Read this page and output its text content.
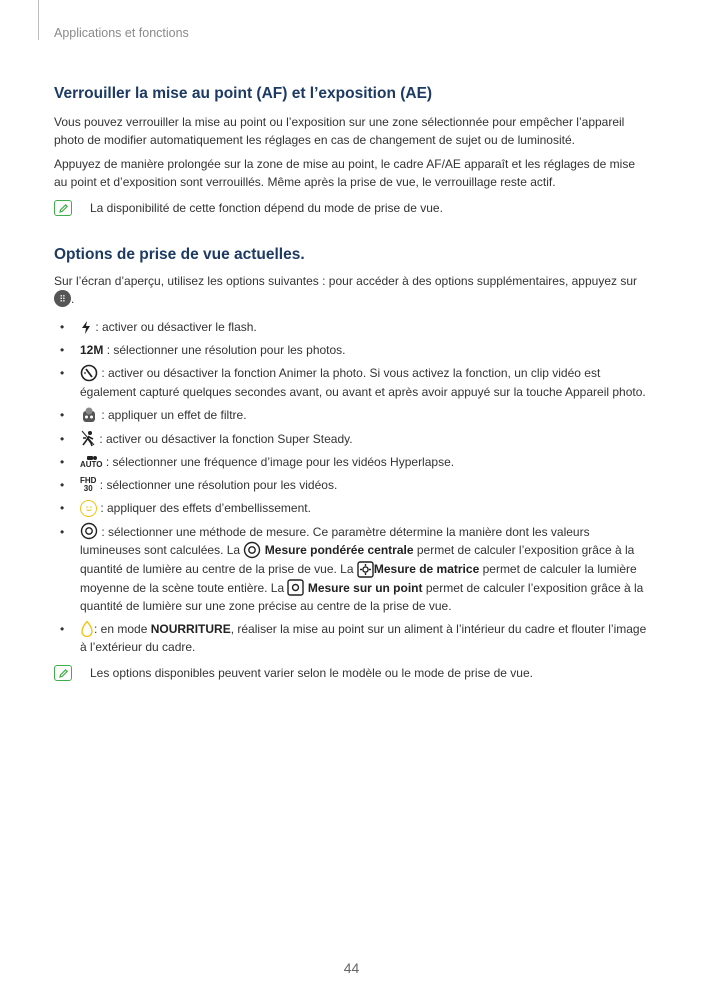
Applications et fonctions
Verrouiller la mise au point (AF) et l’exposition (AE)

Vous pouvez verrouiller la mise au point ou l’exposition sur une zone sélectionnée pour empêcher l’appareil photo de modifier automatiquement les réglages en cas de changement de sujet ou de luminosité.

Appuyez de manière prolongée sur la zone de mise au point, le cadre AF/AE apparaît et les réglages de mise au point et d’exposition sont verrouillés. Même après la prise de vue, le verrouillage reste actif.

La disponibilité de cette fonction dépend du mode de prise de vue.
Options de prise de vue actuelles.

Sur l’écran d’aperçu, utilisez les options suivantes : pour accéder à des options supplémentaires, appuyez sur
⠿ .

• : activer ou désactiver le flash.
• 12M : sélectionner une résolution pour les photos.
• : activer ou désactiver la fonction Animer la photo. Si vous activez la fonction, un clip vidéo est également capturé quelques secondes avant, ou avant et après avoir appuyé sur la touche Appareil photo.
• : appliquer un effet de filtre.
• : activer ou désactiver la fonction Super Steady.
• AUTO : sélectionner une fréquence d’image pour les vidéos Hyperlapse.
• FHD
30 : sélectionner une résolution pour les vidéos.
• : appliquer des effets d’embellissement.
• : sélectionner une méthode de mesure. Ce paramètre détermine la manière dont les valeurs lumineuses sont calculées. La Mesure pondérée centrale permet de calculer l’exposition grâce à la quantité de lumière au centre de la prise de vue. La Mesure de matrice permet de calculer la lumière moyenne de la scène toute entière. La Mesure sur un point permet de calculer l’exposition grâce à la quantité de lumière sur une zone précise au centre de la prise de vue.
• : en mode NOURRITURE, réaliser la mise au point sur un aliment à l’intérieur du cadre et flouter l’image à l’extérieur du cadre.
Les options disponibles peuvent varier selon le modèle ou le mode de prise de vue.
44
